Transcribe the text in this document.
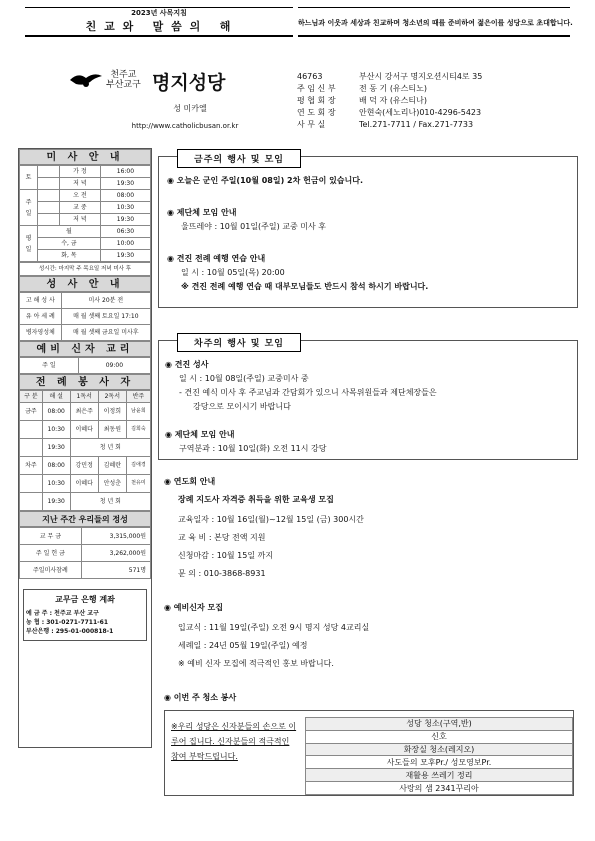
2023년 사목지침
친 교 와   말 씀 의   해	하느님과 이웃과 세상과 친교하며 청소년의 때를 준비하여 젊은이를 성당으로 초대합니다.
천주교
부산교구 명지성당
성 미카엘
http://www.catholicbusan.or.kr
46763	부산시 강서구 명지오션시티4로 35
주 임 신 부	전 동 기 (유스티노)
평 협 회 장	배 덕 자 (유스티나)
연 도 회 장	안현숙(세노리나)010-4296-5423
사 무 실	Tel.271-7711 / Fax.271-7733
미 사 안 내
토		가 정	16:00
		저 녁	19:30
주
일		오 전	08:00
		교 중	10:30
		저 녁	19:30
평
일	월		06:30
	수, 금		10:00
	화, 목		19:30
성시간: 마지막 주 목요일 저녁 미사 후
성 사 안 내
고 해 성 사	미사 20분 전
유 아 세 례	매 월 셋째 토요일 17:10
병자영성체	매 월 셋째 금요일 미사후
예비 신자 교리
주 일	09:00
전 례 봉 사 자
구 분	해 설	1독서	2독서	반주
금주	08:00	최은주	이정희	남윤희
	10:30	이혜다	최동원	김희숙
	19:30	청 년 회		
차주	08:00	강민정	김혜란	김애경
	10:30	이혜다	안성춘	천유미
	19:30	청 년 회		
지난 주간 우리들의 정성
교 무 금	3,315,000원
주 일 헌 금	3,262,000원
주일미사참례	571명
교무금 은행 계좌
예 금 주 : 천주교 부산 교구
농 협 : 301-0271-7711-61
부산은행 : 295-01-000818-1
금주의 행사 및 모임
◉ 오늘은 군인 주일(10월 08일) 2차 헌금이 있습니다.
◉ 제단체 모임 안내
울뜨레야 : 10월 01일(주일) 교중 미사 후
◉ 견진 전례 예행 연습 안내
일 시 : 10월 05일(목) 20:00
※ 견진 전례 예행 연습 때 대부모님들도 반드시 참석 하시기 바랍니다.
차주의 행사 및 모임
◉ 견진 성사
일 시 : 10월 08일(주일) 교중미사 중
- 견진 예식 미사 후 주교님과 간담회가 있으니 사목위원들과 제단체장들은
강당으로 모이시기 바랍니다
◉ 제단체 모임 안내
구역분과 : 10월 10일(화) 오전 11시 강당
◉ 연도회 안내
장례 지도사 자격증 취득을 위한 교육생 모집
교육일자 : 10월 16일(월)~12월 15일 (금) 300시간
교 육 비 : 본당 전액 지원
신청마감 : 10월 15일 까지
문 의 : 010-3868-8931
◉ 예비신자 모집
입교식 : 11월 19일(주일) 오전 9시 명지 성당 4교리실
세례일 : 24년 05월 19일(주일) 예정
※ 예비 신자 모집에 적극적인 홍보 바랍니다.
◉ 이번 주 청소 봉사
※우리 성당은 신자분들의 손으로 이루어 집니다. 신자분들의 적극적인 참여 부탁드립니다.
성당 청소(구역,반)
신호
화장실 청소(레지오)
사도들의 모후Pr./ 성모영보Pr.
재활용 쓰레기 정리
사랑의 샘 2341꾸리아
